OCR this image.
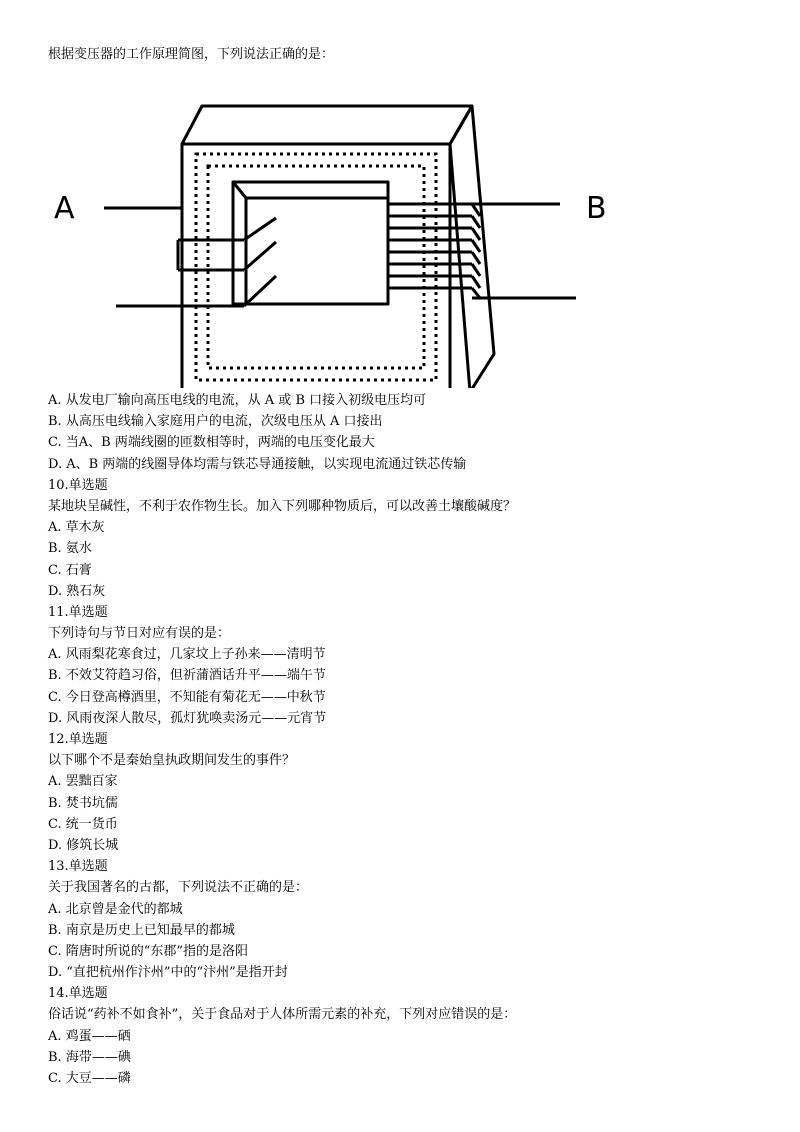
根据变压器的工作原理简图，下列说法正确的是：
A	B
A. 从发电厂输向高压电线的电流，从 A 或 B 口接入初级电压均可
B. 从高压电线输入家庭用户的电流，次级电压从 A 口接出
C. 当A、B 两端线圈的匝数相等时，两端的电压变化最大
D. A、B 两端的线圈导体均需与铁芯导通接触，以实现电流通过铁芯传输
10.单选题
某地块呈碱性，不利于农作物生长。加入下列哪种物质后，可以改善土壤酸碱度？
A. 草木灰
B. 氨水
C. 石膏
D. 熟石灰
11.单选题
下列诗句与节日对应有误的是：
A. 风雨梨花寒食过，几家坟上子孙来——清明节
B. 不效艾符趋习俗，但祈蒲酒话升平——端午节
C. 今日登高樽酒里，不知能有菊花无——中秋节
D. 风雨夜深人散尽，孤灯犹唤卖汤元——元宵节
12.单选题
以下哪个不是秦始皇执政期间发生的事件？
A. 罢黜百家
B. 焚书坑儒
C. 统一货币
D. 修筑长城
13.单选题
关于我国著名的古都，下列说法不正确的是：
A. 北京曾是金代的都城
B. 南京是历史上已知最早的都城
C. 隋唐时所说的“东郡”指的是洛阳
D. “直把杭州作汴州”中的“汴州”是指开封
14.单选题
俗话说“药补不如食补”，关于食品对于人体所需元素的补充，下列对应错误的是：
A. 鸡蛋——硒
B. 海带——碘
C. 大豆——磷
